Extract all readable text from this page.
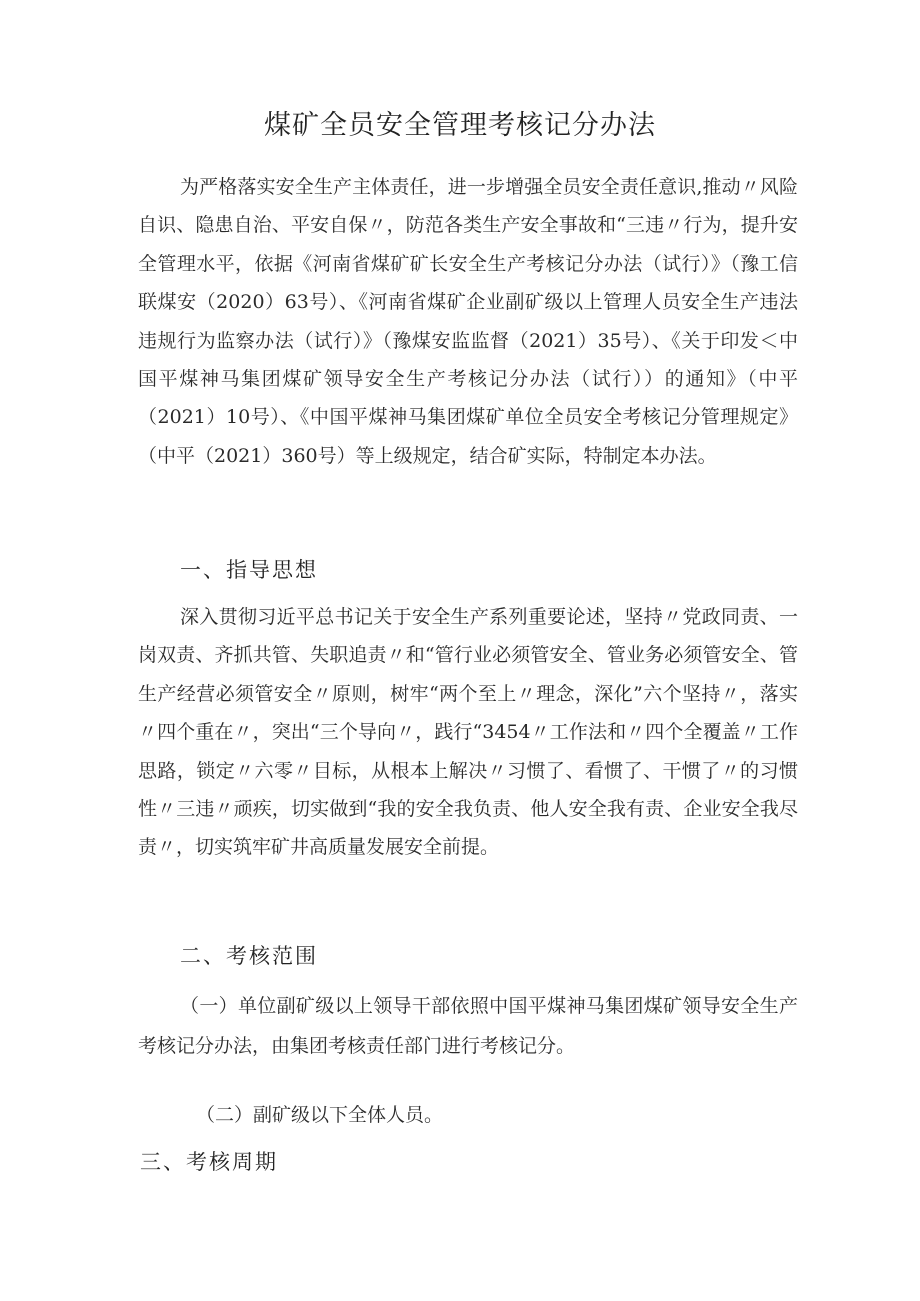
煤矿全员安全管理考核记分办法

为严格落实安全生产主体责任，进一步增强全员安全责任意识,推动〃风险自识、隐患自治、平安自保〃，防范各类生产安全事故和“三违〃行为，提升安全管理水平，依据《河南省煤矿矿长安全生产考核记分办法（试行）》（豫工信联煤安（2020）63号）、《河南省煤矿企业副矿级以上管理人员安全生产违法违规行为监察办法（试行）》（豫煤安监监督（2021）35号）、《关于印发＜中国平煤神马集团煤矿领导安全生产考核记分办法（试行））的通知》（中平（2021）10号）、《中国平煤神马集团煤矿单位全员安全考核记分管理规定》（中平（2021）360号）等上级规定，结合矿实际，特制定本办法。

一、指导思想

深入贯彻习近平总书记关于安全生产系列重要论述，坚持〃党政同责、一岗双责、齐抓共管、失职追责〃和“管行业必须管安全、管业务必须管安全、管生产经营必须管安全〃原则，树牢“两个至上〃理念，深化”六个坚持〃，落实〃四个重在〃，突出“三个导向〃，践行“3454〃工作法和〃四个全覆盖〃工作思路，锁定〃六零〃目标，从根本上解决〃习惯了、看惯了、干惯了〃的习惯性〃三违〃顽疾，切实做到“我的安全我负责、他人安全我有责、企业安全我尽责〃，切实筑牢矿井高质量发展安全前提。

二、考核范围

（一）单位副矿级以上领导干部依照中国平煤神马集团煤矿领导安全生产考核记分办法，由集团考核责任部门进行考核记分。

（二）副矿级以下全体人员。
三、考核周期
